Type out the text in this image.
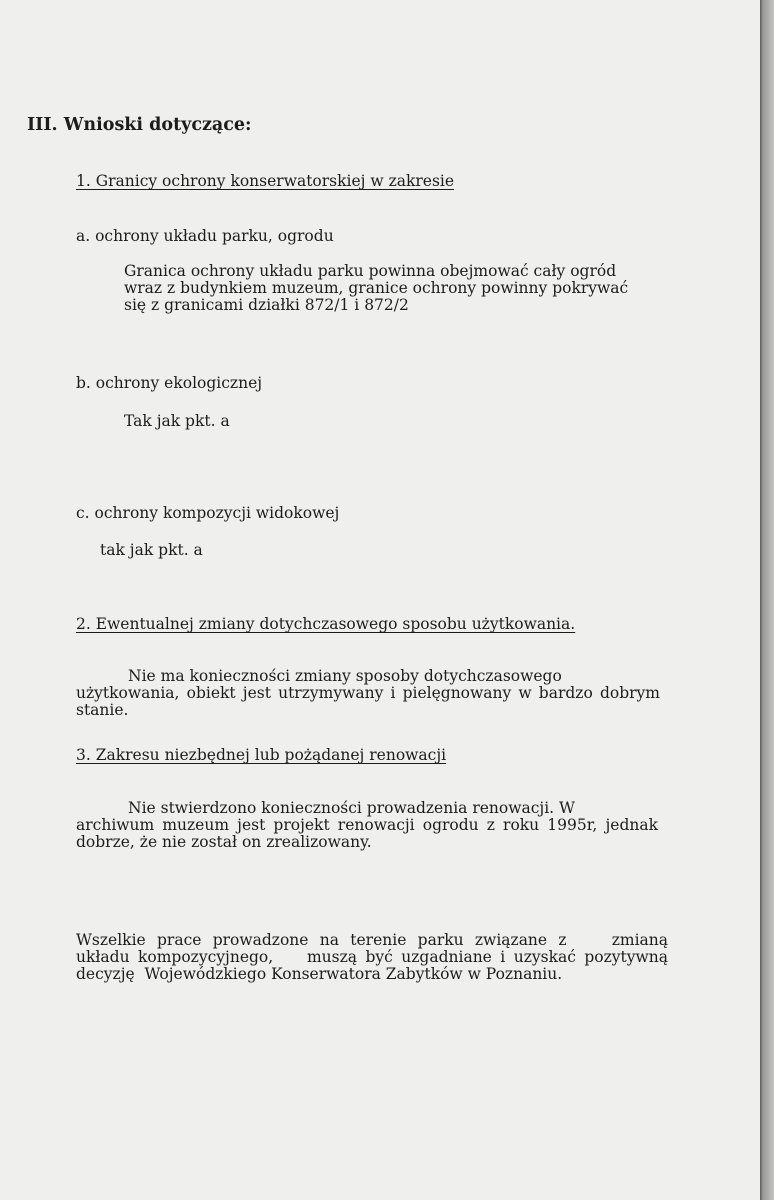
III. Wnioski dotyczące:

1. Granicy ochrony konserwatorskiej w zakresie

a. ochrony układu parku, ogrodu

Granica ochrony układu parku powinna obejmować cały ogród
wraz z budynkiem muzeum, granice ochrony powinny pokrywać
się z granicami działki 872/1 i 872/2

b. ochrony ekologicznej

Tak jak pkt. a

c. ochrony kompozycji widokowej

tak jak pkt. a

2. Ewentualnej zmiany dotychczasowego sposobu użytkowania.

Nie ma konieczności zmiany sposoby dotychczasowego
użytkowania, obiekt jest utrzymywany i pielęgnowany w bardzo dobrym
stanie.

3. Zakresu niezbędnej lub pożądanej renowacji

Nie stwierdzono konieczności prowadzenia renowacji. W
archiwum muzeum jest projekt renowacji ogrodu z roku 1995r, jednak
dobrze, że nie został on zrealizowany.
Wszelkie prace prowadzone na terenie parku związane z    zmianą
układu kompozycyjnego,    muszą być uzgadniane i uzyskać pozytywną
decyzję  Wojewódzkiego Konserwatora Zabytków w Poznaniu.
